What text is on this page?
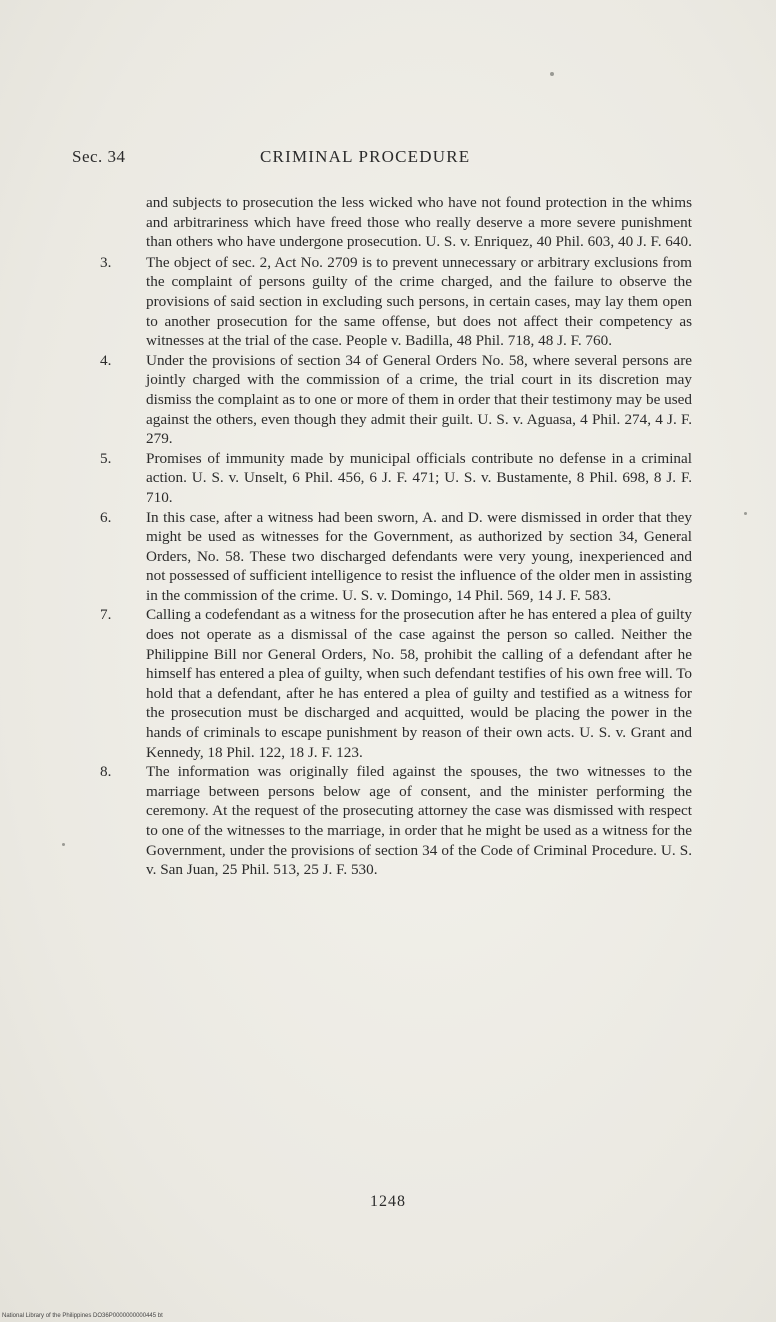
Sec. 34	CRIMINAL PROCEDURE

and subjects to prosecution the less wicked who have not found protection in the whims and arbitrariness which have freed those who really deserve a more severe punishment than others who have undergone prosecution. U. S. v. Enriquez, 40 Phil. 603, 40 J. F. 640.

3.	The object of sec. 2, Act No. 2709 is to prevent unnecessary or arbitrary exclusions from the complaint of persons guilty of the crime charged, and the failure to observe the provisions of said section in excluding such persons, in certain cases, may lay them open to another prosecution for the same offense, but does not affect their competency as witnesses at the trial of the case. People v. Badilla, 48 Phil. 718, 48 J. F. 760.
4.	Under the provisions of section 34 of General Orders No. 58, where several persons are jointly charged with the commission of a crime, the trial court in its discretion may dismiss the complaint as to one or more of them in order that their testimony may be used against the others, even though they admit their guilt. U. S. v. Aguasa, 4 Phil. 274, 4 J. F. 279.
5.	Promises of immunity made by municipal officials contribute no defense in a criminal action. U. S. v. Unselt, 6 Phil. 456, 6 J. F. 471; U. S. v. Bustamente, 8 Phil. 698, 8 J. F. 710.
6.	In this case, after a witness had been sworn, A. and D. were dismissed in order that they might be used as witnesses for the Government, as authorized by section 34, General Orders, No. 58. These two discharged defendants were very young, inexperienced and not possessed of sufficient intelligence to resist the influence of the older men in assisting in the commission of the crime. U. S. v. Domingo, 14 Phil. 569, 14 J. F. 583.
7.	Calling a codefendant as a witness for the prosecution after he has entered a plea of guilty does not operate as a dismissal of the case against the person so called. Neither the Philippine Bill nor General Orders, No. 58, prohibit the calling of a defendant after he himself has entered a plea of guilty, when such defendant testifies of his own free will. To hold that a defendant, after he has entered a plea of guilty and testified as a witness for the prosecution must be discharged and acquitted, would be placing the power in the hands of criminals to escape punishment by reason of their own acts. U. S. v. Grant and Kennedy, 18 Phil. 122, 18 J. F. 123.
8.	The information was originally filed against the spouses, the two witnesses to the marriage between persons below age of consent, and the minister performing the ceremony. At the request of the prosecuting attorney the case was dismissed with respect to one of the witnesses to the marriage, in order that he might be used as a witness for the Government, under the provisions of section 34 of the Code of Criminal Procedure. U. S. v. San Juan, 25 Phil. 513, 25 J. F. 530.
1248
National Library of the Philippines DO36P0000000000445 bt
